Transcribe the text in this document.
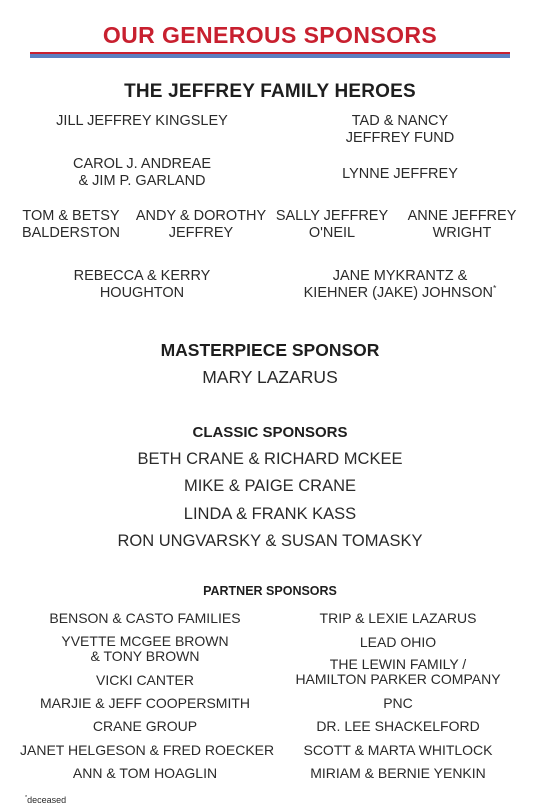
OUR GENEROUS SPONSORS
THE JEFFREY FAMILY HEROES
JILL JEFFREY KINGSLEY	TAD & NANCY
JEFFREY FUND
CAROL J. ANDREAE
& JIM P. GARLAND	LYNNE JEFFREY
TOM & BETSY
BALDERSTON
ANDY & DOROTHY
JEFFREY
SALLY JEFFREY
O'NEIL
ANNE JEFFREY
WRIGHT
REBECCA & KERRY
HOUGHTON
JANE MYKRANTZ &
KIEHNER (JAKE) JOHNSON*
MASTERPIECE SPONSOR
MARY LAZARUS
CLASSIC SPONSORS
BETH CRANE & RICHARD MCKEE
MIKE & PAIGE CRANE
LINDA & FRANK KASS
RON UNGVARSKY & SUSAN TOMASKY
PARTNER SPONSORS
BENSON & CASTO FAMILIES
YVETTE MCGEE BROWN
& TONY BROWN
VICKI CANTER
MARJIE & JEFF COOPERSMITH
CRANE GROUP
JANET HELGESON & FRED ROECKER
ANN & TOM HOAGLIN
TRIP & LEXIE LAZARUS
LEAD OHIO
THE LEWIN FAMILY /
HAMILTON PARKER COMPANY
PNC
DR. LEE SHACKELFORD
SCOTT & MARTA WHITLOCK
MIRIAM & BERNIE YENKIN
*deceased
